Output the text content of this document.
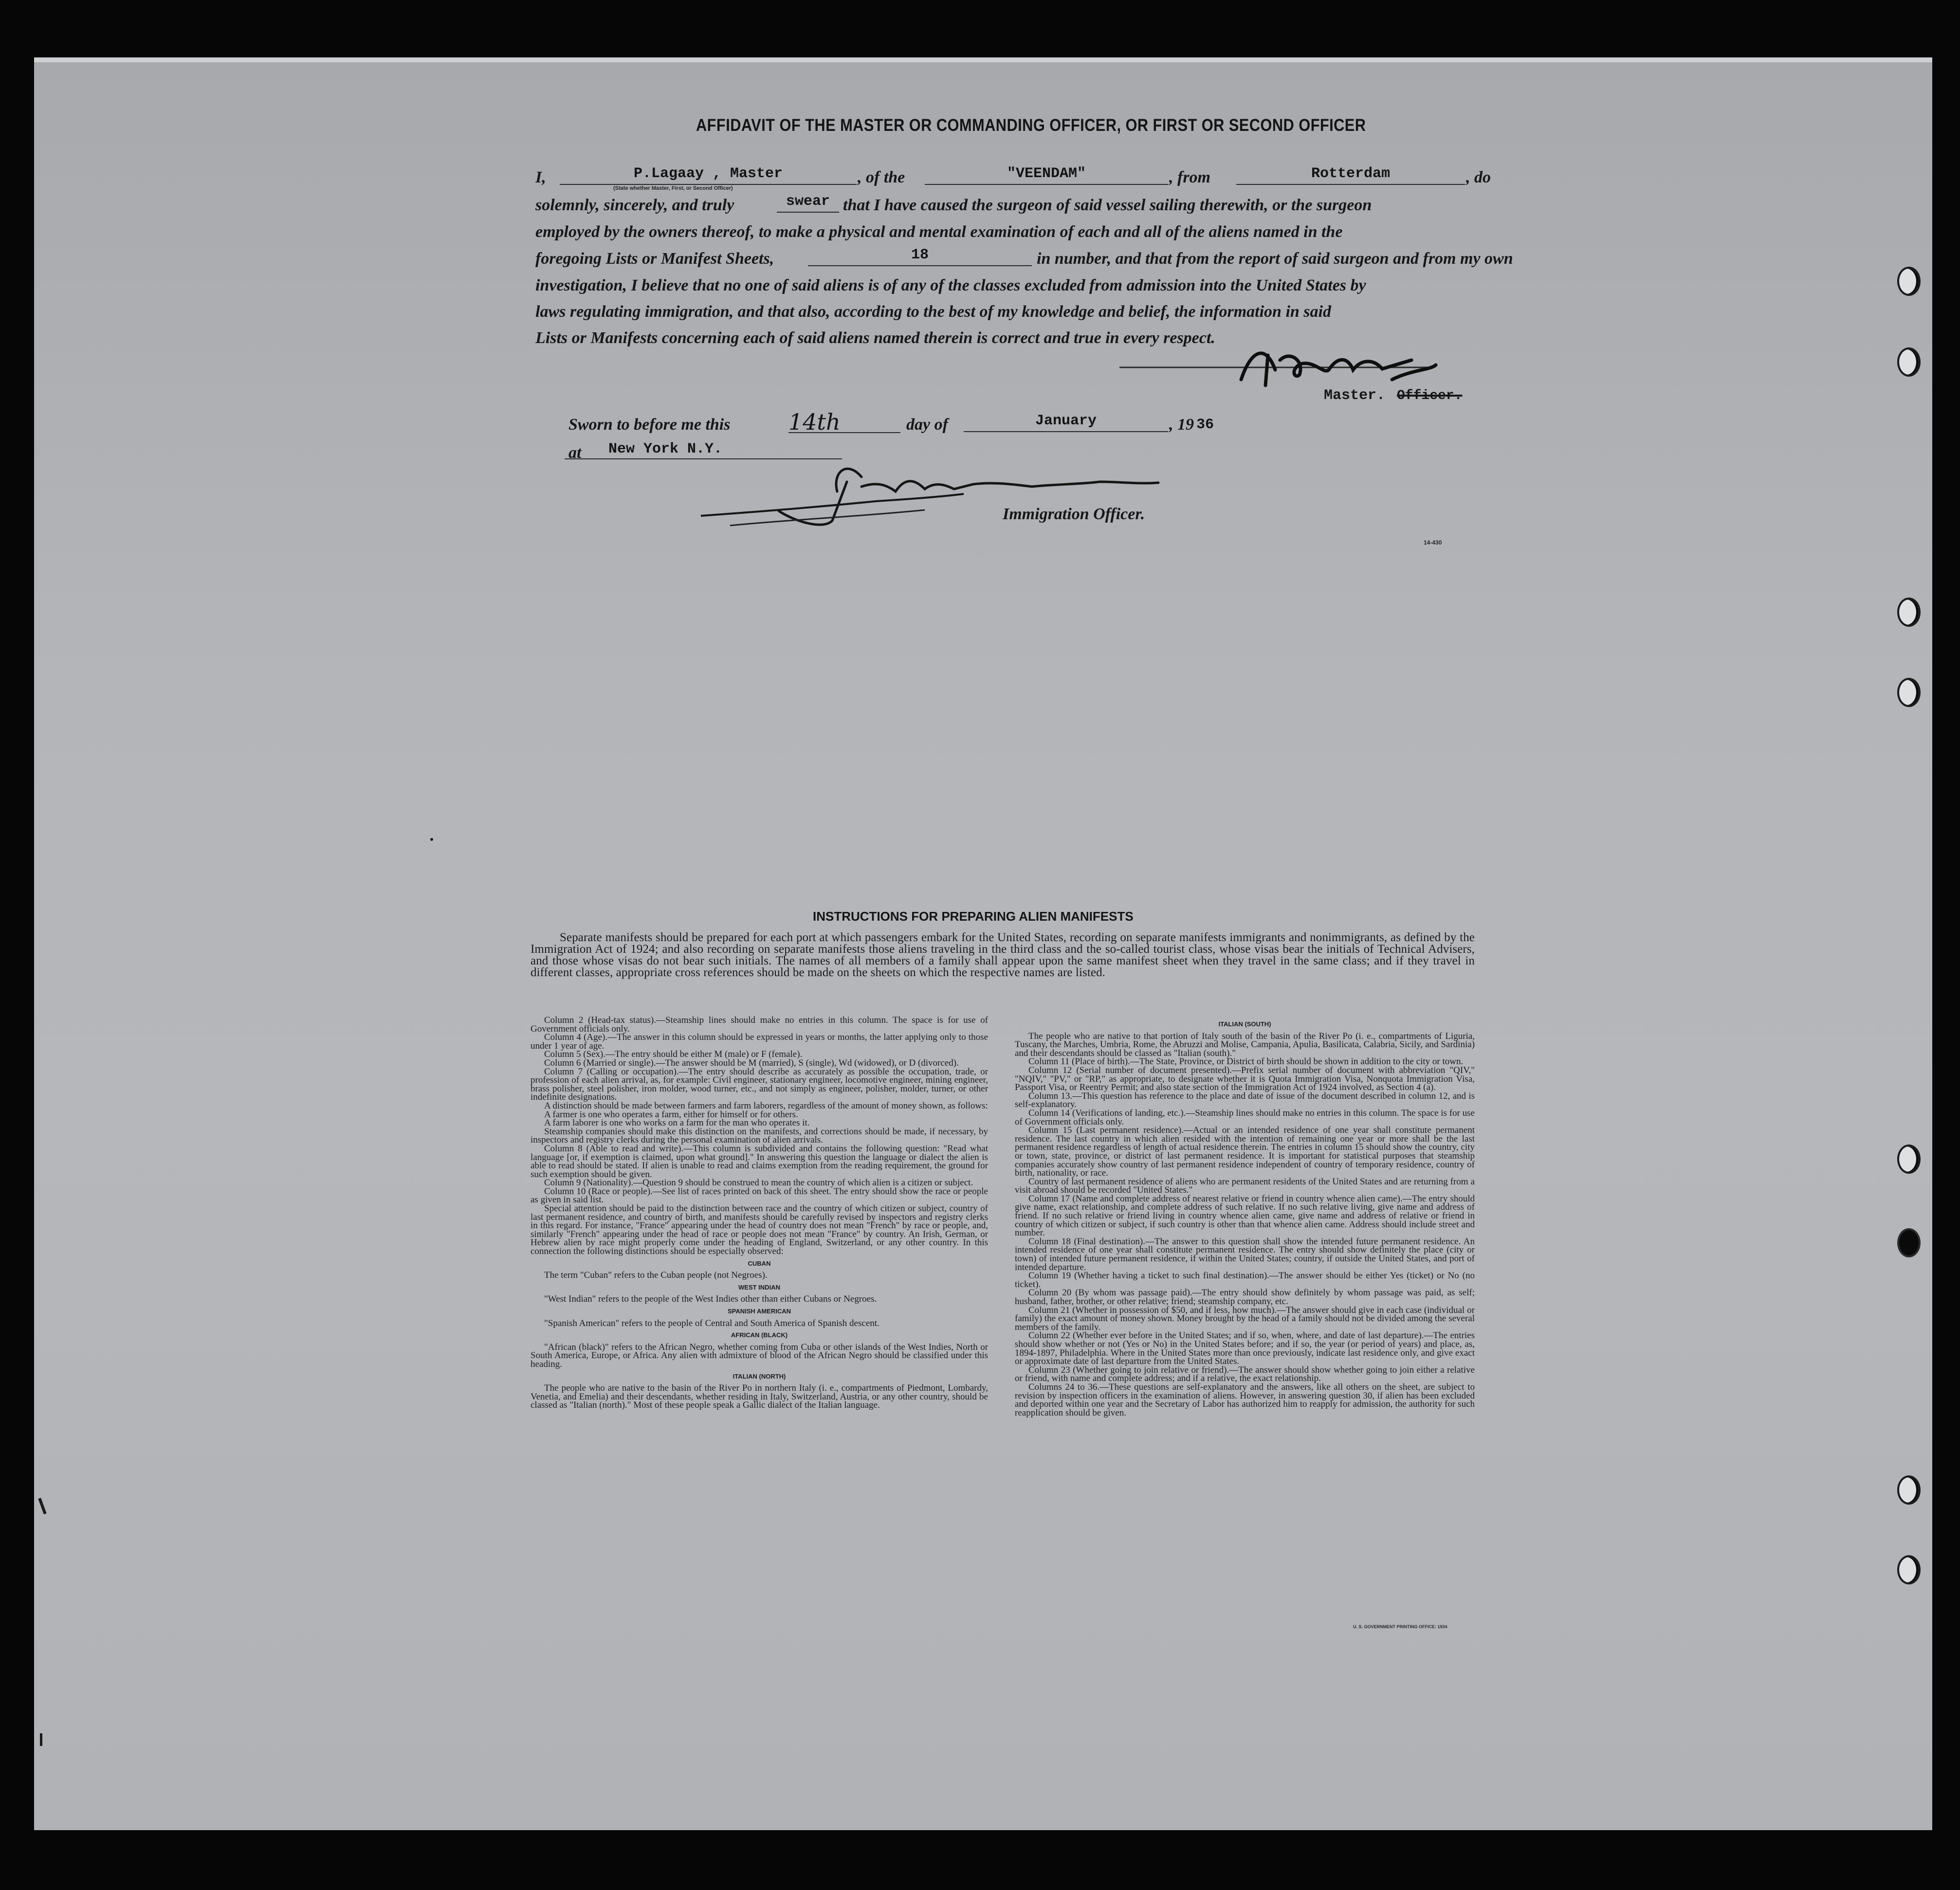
AFFIDAVIT OF THE MASTER OR COMMANDING OFFICER, OR FIRST OR SECOND OFFICER
I,	P.Lagaay , Master
(State whether Master, First, or Second Officer)
, of the	"VEENDAM"	, from	Rotterdam	, do
solemnly, sincerely, and truly	swear that I have caused the surgeon of said vessel sailing therewith, or the surgeon
employed by the owners thereof, to make a physical and mental examination of each and all of the aliens named in the
foregoing Lists or Manifest Sheets,	18	in number, and that from the report of said surgeon and from my own
investigation, I believe that no one of said aliens is of any of the classes excluded from admission into the United States by
laws regulating immigration, and that also, according to the best of my knowledge and belief, the information in said
Lists or Manifests concerning each of said aliens named therein is correct and true in every respect.
Master. Officer.
Sworn to before me this	14th	day of	January	, 19 36
at	New York N.Y.
Immigration Officer.
14-430
INSTRUCTIONS FOR PREPARING ALIEN MANIFESTS
Separate manifests should be prepared for each port at which passengers embark for the United States, recording on separate manifests immigrants and nonimmigrants, as defined by the Immigration Act of 1924; and also recording on separate manifests those aliens traveling in the third class and the so-called tourist class, whose visas bear the initials of Technical Advisers, and those whose visas do not bear such initials. The names of all members of a family shall appear upon the same manifest sheet when they travel in the same class; and if they travel in different classes, appropriate cross references should be made on the sheets on which the respective names are listed.

Column 2 (Head-tax status).—Steamship lines should make no entries in this column. The space is for use of Government officials only.

Column 4 (Age).—The answer in this column should be expressed in years or months, the latter applying only to those under 1 year of age.

Column 5 (Sex).—The entry should be either M (male) or F (female).

Column 6 (Married or single).—The answer should be M (married), S (single), Wd (widowed), or D (divorced).

Column 7 (Calling or occupation).—The entry should describe as accurately as possible the occupation, trade, or profession of each alien arrival, as, for example: Civil engineer, stationary engineer, locomotive engineer, mining engineer, brass polisher, steel polisher, iron molder, wood turner, etc., and not simply as engineer, polisher, molder, turner, or other indefinite designations.

A distinction should be made between farmers and farm laborers, regardless of the amount of money shown, as follows:

A farmer is one who operates a farm, either for himself or for others.

A farm laborer is one who works on a farm for the man who operates it.

Steamship companies should make this distinction on the manifests, and corrections should be made, if necessary, by inspectors and registry clerks during the personal examination of alien arrivals.

Column 8 (Able to read and write).—This column is subdivided and contains the following question: "Read what language [or, if exemption is claimed, upon what ground]." In answering this question the language or dialect the alien is able to read should be stated. If alien is unable to read and claims exemption from the reading requirement, the ground for such exemption should be given.

Column 9 (Nationality).—Question 9 should be construed to mean the country of which alien is a citizen or subject.

Column 10 (Race or people).—See list of races printed on back of this sheet. The entry should show the race or people as given in said list.

Special attention should be paid to the distinction between race and the country of which citizen or subject, country of last permanent residence, and country of birth, and manifests should be carefully revised by inspectors and registry clerks in this regard. For instance, "France" appearing under the head of country does not mean "French" by race or people, and, similarly "French" appearing under the head of race or people does not mean "France" by country. An Irish, German, or Hebrew alien by race might properly come under the heading of England, Switzerland, or any other country. In this connection the following distinctions should be especially observed:

CUBAN

The term "Cuban" refers to the Cuban people (not Negroes).

WEST INDIAN

"West Indian" refers to the people of the West Indies other than either Cubans or Negroes.

SPANISH AMERICAN

"Spanish American" refers to the people of Central and South America of Spanish descent.

AFRICAN (BLACK)

"African (black)" refers to the African Negro, whether coming from Cuba or other islands of the West Indies, North or South America, Europe, or Africa. Any alien with admixture of blood of the African Negro should be classified under this heading.

ITALIAN (NORTH)

The people who are native to the basin of the River Po in northern Italy (i. e., compartments of Piedmont, Lombardy, Venetia, and Emelia) and their descendants, whether residing in Italy, Switzerland, Austria, or any other country, should be classed as "Italian (north)." Most of these people speak a Gallic dialect of the Italian language.

ITALIAN (SOUTH)

The people who are native to that portion of Italy south of the basin of the River Po (i. e., compartments of Liguria, Tuscany, the Marches, Umbria, Rome, the Abruzzi and Molise, Campania, Apulia, Basilicata, Calabria, Sicily, and Sardinia) and their descendants should be classed as "Italian (south)."

Column 11 (Place of birth).—The State, Province, or District of birth should be shown in addition to the city or town.

Column 12 (Serial number of document presented).—Prefix serial number of document with abbreviation "QIV," "NQIV," "PV," or "RP," as appropriate, to designate whether it is Quota Immigration Visa, Nonquota Immigration Visa, Passport Visa, or Reentry Permit; and also state section of the Immigration Act of 1924 involved, as Section 4 (a).

Column 13.—This question has reference to the place and date of issue of the document described in column 12, and is self-explanatory.

Column 14 (Verifications of landing, etc.).—Steamship lines should make no entries in this column. The space is for use of Government officials only.

Column 15 (Last permanent residence).—Actual or an intended residence of one year shall constitute permanent residence. The last country in which alien resided with the intention of remaining one year or more shall be the last permanent residence regardless of length of actual residence therein. The entries in column 15 should show the country, city or town, state, province, or district of last permanent residence. It is important for statistical purposes that steamship companies accurately show country of last permanent residence independent of country of temporary residence, country of birth, nationality, or race.

Country of last permanent residence of aliens who are permanent residents of the United States and are returning from a visit abroad should be recorded "United States."

Column 17 (Name and complete address of nearest relative or friend in country whence alien came).—The entry should give name, exact relationship, and complete address of such relative. If no such relative living, give name and address of friend. If no such relative or friend living in country whence alien came, give name and address of relative or friend in country of which citizen or subject, if such country is other than that whence alien came. Address should include street and number.

Column 18 (Final destination).—The answer to this question shall show the intended future permanent residence. An intended residence of one year shall constitute permanent residence. The entry should show definitely the place (city or town) of intended future permanent residence, if within the United States; country, if outside the United States, and port of intended departure.

Column 19 (Whether having a ticket to such final destination).—The answer should be either Yes (ticket) or No (no ticket).

Column 20 (By whom was passage paid).—The entry should show definitely by whom passage was paid, as self; husband, father, brother, or other relative; friend; steamship company, etc.

Column 21 (Whether in possession of $50, and if less, how much).—The answer should give in each case (individual or family) the exact amount of money shown. Money brought by the head of a family should not be divided among the several members of the family.

Column 22 (Whether ever before in the United States; and if so, when, where, and date of last departure).—The entries should show whether or not (Yes or No) in the United States before; and if so, the year (or period of years) and place, as, 1894-1897, Philadelphia. Where in the United States more than once previously, indicate last residence only, and give exact or approximate date of last departure from the United States.

Column 23 (Whether going to join relative or friend).—The answer should show whether going to join either a relative or friend, with name and complete address; and if a relative, the exact relationship.

Columns 24 to 36.—These questions are self-explanatory and the answers, like all others on the sheet, are subject to revision by inspection officers in the examination of aliens. However, in answering question 30, if alien has been excluded and deported within one year and the Secretary of Labor has authorized him to reapply for admission, the authority for such reapplication should be given.

U. S. GOVERNMENT PRINTING OFFICE: 1934
